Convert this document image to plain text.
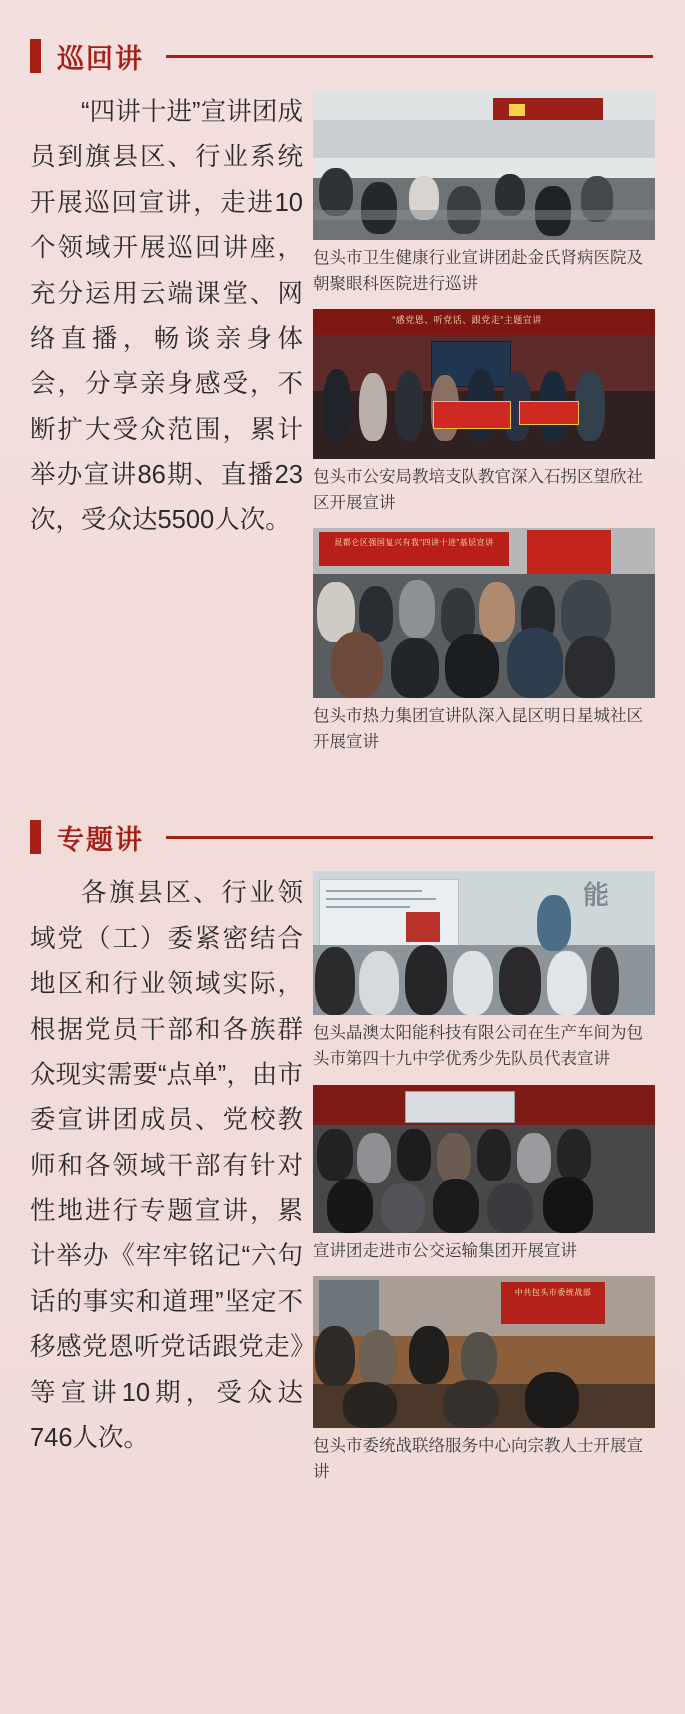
巡回讲

“四讲十进”宣讲团成员到旗县区、行业系统开展巡回宣讲，走进10个领域开展巡回讲座，充分运用云端课堂、网络直播，畅谈亲身体会，分享亲身感受，不断扩大受众范围，累计举办宣讲86期、直播23次，受众达5500人次。

包头市卫生健康行业宣讲团赴金氏肾病医院及朝聚眼科医院进行巡讲
“感党恩、听党话、跟党走”主题宣讲
包头市公安局教培支队教官深入石拐区望欣社区开展宣讲
昆都仑区强国复兴有我“四讲十进”基层宣讲
包头市热力集团宣讲队深入昆区明日星城社区开展宣讲
专题讲

各旗县区、行业领域党（工）委紧密结合地区和行业领域实际，根据党员干部和各族群众现实需要“点单”，由市委宣讲团成员、党校教师和各领域干部有针对性地进行专题宣讲，累计举办《牢牢铭记“六句话的事实和道理”坚定不移感党恩听党话跟党走》等宣讲10期，受众达746人次。

能
包头晶澳太阳能科技有限公司在生产车间为包头市第四十九中学优秀少先队员代表宣讲
宣讲团走进市公交运输集团开展宣讲
中共包头市委统战部
包头市委统战联络服务中心向宗教人士开展宣讲
